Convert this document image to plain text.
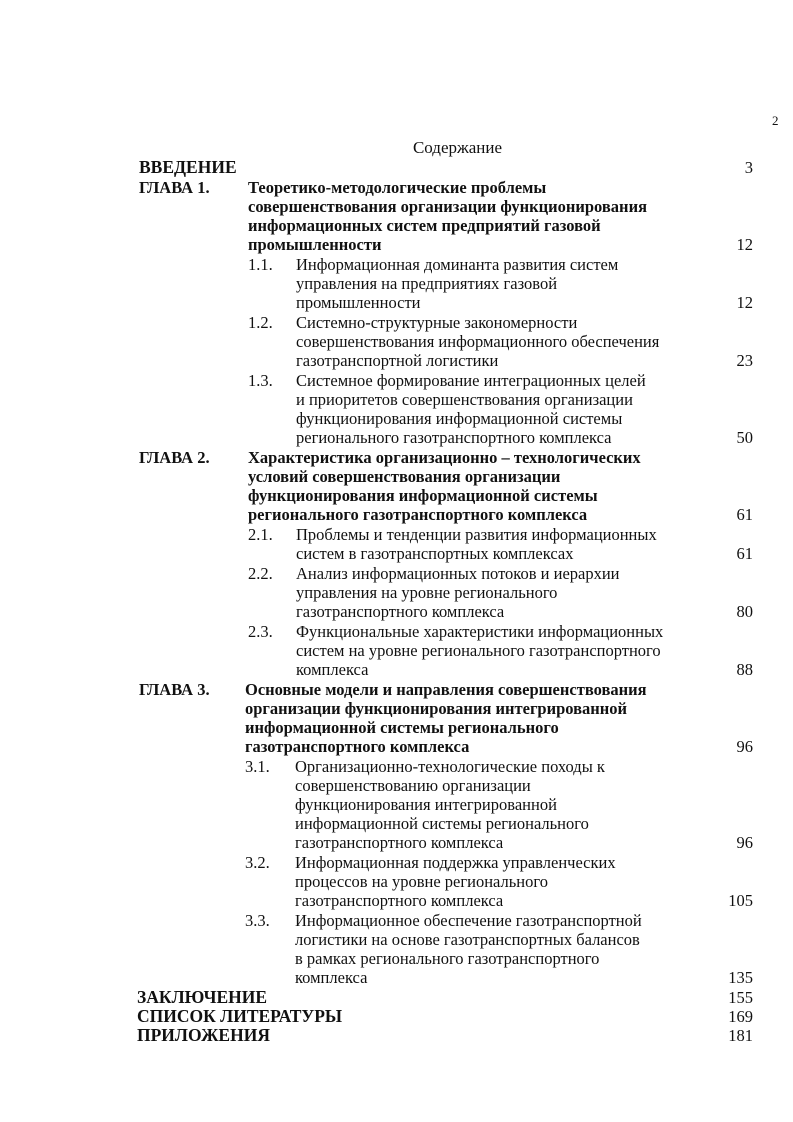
2
Содержание
ВВЕДЕНИЕ	3
ГЛАВА 1. Теоретико-методологические проблемы
совершенствования организации функционирования
информационных систем предприятий газовой
промышленности	12
1.1. Информационная доминанта развития систем
управления на предприятиях газовой
промышленности	12
1.2. Системно-структурные закономерности
совершенствования информационного обеспечения
газотранспортной логистики	23
1.3. Системное формирование интеграционных целей
и приоритетов совершенствования организации
функционирования информационной системы
регионального газотранспортного комплекса	50
ГЛАВА 2. Характеристика организационно – технологических
условий совершенствования организации
функционирования информационной системы
регионального газотранспортного комплекса	61
2.1. Проблемы и тенденции развития информационных
систем в газотранспортных комплексах	61
2.2. Анализ информационных потоков и иерархии
управления на уровне регионального
газотранспортного комплекса	80
2.3. Функциональные характеристики информационных
систем на уровне регионального газотранспортного
комплекса	88
ГЛАВА 3. Основные модели и направления совершенствования
организации функционирования интегрированной
информационной системы регионального
газотранспортного комплекса	96
3.1. Организационно-технологические походы к
совершенствованию организации
функционирования интегрированной
информационной системы регионального
газотранспортного комплекса	96
3.2. Информационная поддержка управленческих
процессов на уровне регионального
газотранспортного комплекса	105
3.3. Информационное обеспечение газотранспортной
логистики на основе газотранспортных балансов
в рамках регионального газотранспортного
комплекса	135
ЗАКЛЮЧЕНИЕ	155
СПИСОК ЛИТЕРАТУРЫ	169
ПРИЛОЖЕНИЯ	181
